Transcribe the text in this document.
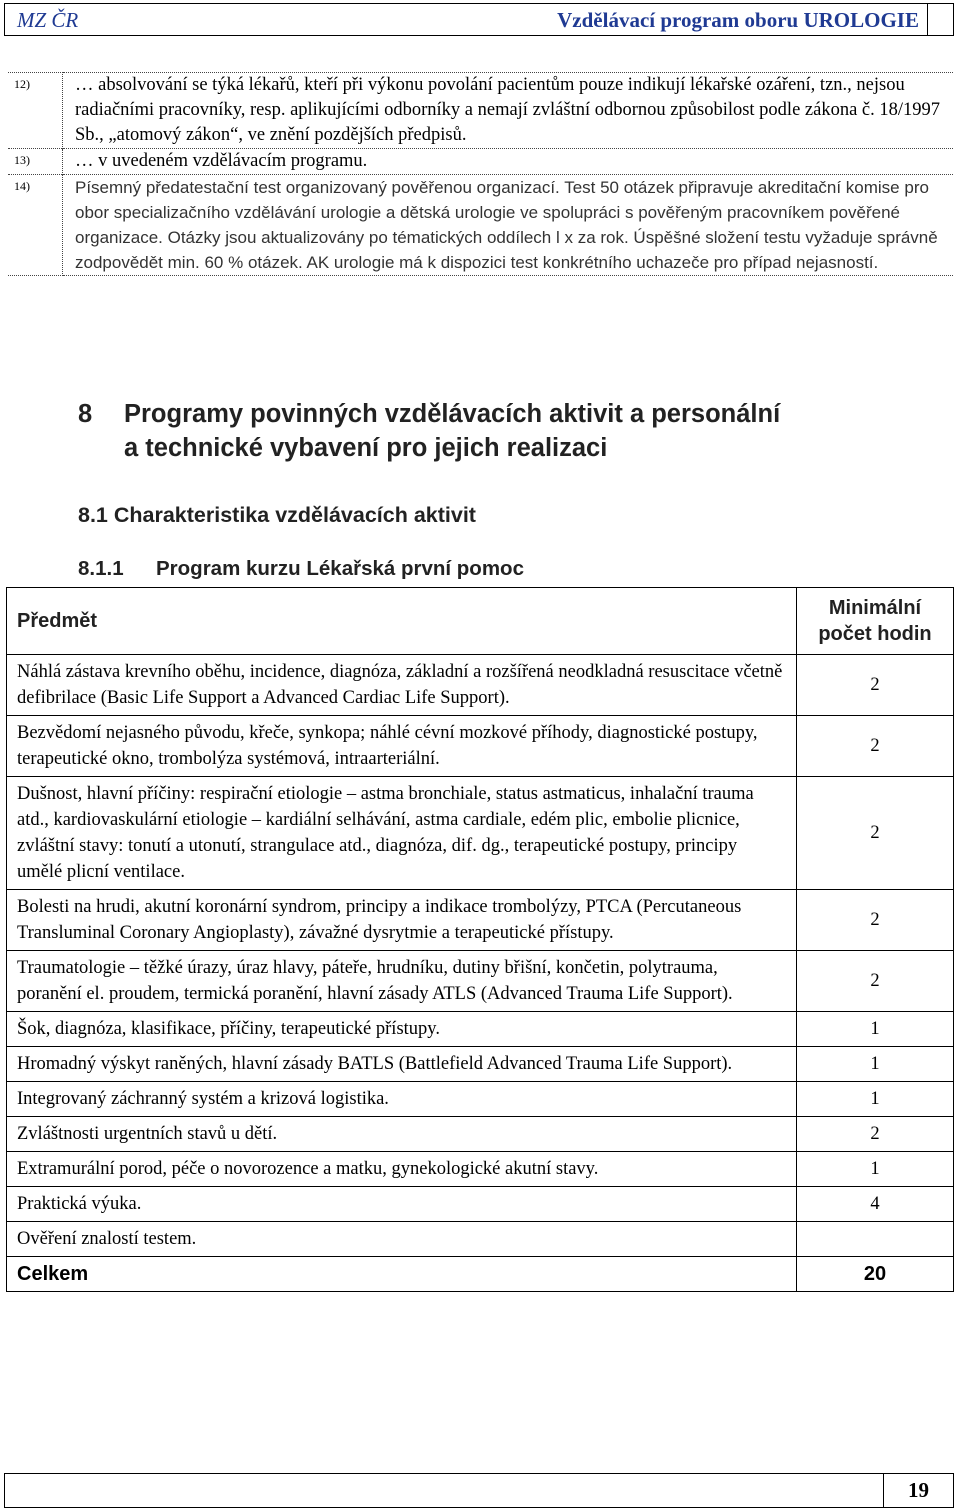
MZ ČR	Vzdělávací program oboru UROLOGIE
12)	… absolvování se týká lékařů, kteří při výkonu povolání pacientům pouze indikují lékařské ozáření, tzn., nejsou radiačními pracovníky, resp. aplikujícími odborníky a nemají zvláštní odbornou způsobilost podle zákona č. 18/1997 Sb., „atomový zákon“, ve znění pozdějších předpisů.
13)	… v uvedeném vzdělávacím programu.
14)	Písemný předatestační test organizovaný pověřenou organizací. Test 50 otázek připravuje akreditační komise pro obor specializačního vzdělávání urologie a dětská urologie ve spolupráci s pověřeným pracovníkem pověřené organizace. Otázky jsou aktualizovány po tématických oddílech l x za rok. Úspěšné složení testu vyžaduje správně zodpovědět min. 60 % otázek. AK urologie má k dispozici test konkrétního uchazeče pro případ nejasností.
8 Programy povinných vzdělávacích aktivit a personální
a technické vybavení pro jejich realizaci
8.1 Charakteristika vzdělávacích aktivit
8.1.1 Program kurzu Lékařská první pomoc
Předmět	Minimální
počet hodin
Náhlá zástava krevního oběhu, incidence, diagnóza, základní a rozšířená neodkladná resuscitace včetně defibrilace (Basic Life Support a Advanced Cardiac Life Support).	2
Bezvědomí nejasného původu, křeče, synkopa; náhlé cévní mozkové příhody, diagnostické postupy, terapeutické okno, trombolýza systémová, intraarteriální.	2
Dušnost, hlavní příčiny: respirační etiologie – astma bronchiale, status astmaticus, inhalační trauma atd., kardiovaskulární etiologie – kardiální selhávání, astma cardiale, edém plic, embolie plicnice, zvláštní stavy: tonutí a utonutí, strangulace atd., diagnóza, dif. dg., terapeutické postupy, principy umělé plicní ventilace.	2
Bolesti na hrudi, akutní koronární syndrom, principy a indikace trombolýzy, PTCA (Percutaneous Transluminal Coronary Angioplasty), závažné dysrytmie a terapeutické přístupy.	2
Traumatologie – těžké úrazy, úraz hlavy, páteře, hrudníku, dutiny břišní, končetin, polytrauma, poranění el. proudem, termická poranění, hlavní zásady ATLS (Advanced Trauma Life Support).	2
Šok, diagnóza, klasifikace, příčiny, terapeutické přístupy.	1
Hromadný výskyt raněných, hlavní zásady BATLS (Battlefield Advanced Trauma Life Support).	1
Integrovaný záchranný systém a krizová logistika.	1
Zvláštnosti urgentních stavů u dětí.	2
Extramurální porod, péče o novorozence a matku, gynekologické akutní stavy.	1
Praktická výuka.	4
Ověření znalostí testem.	
Celkem	20
19
